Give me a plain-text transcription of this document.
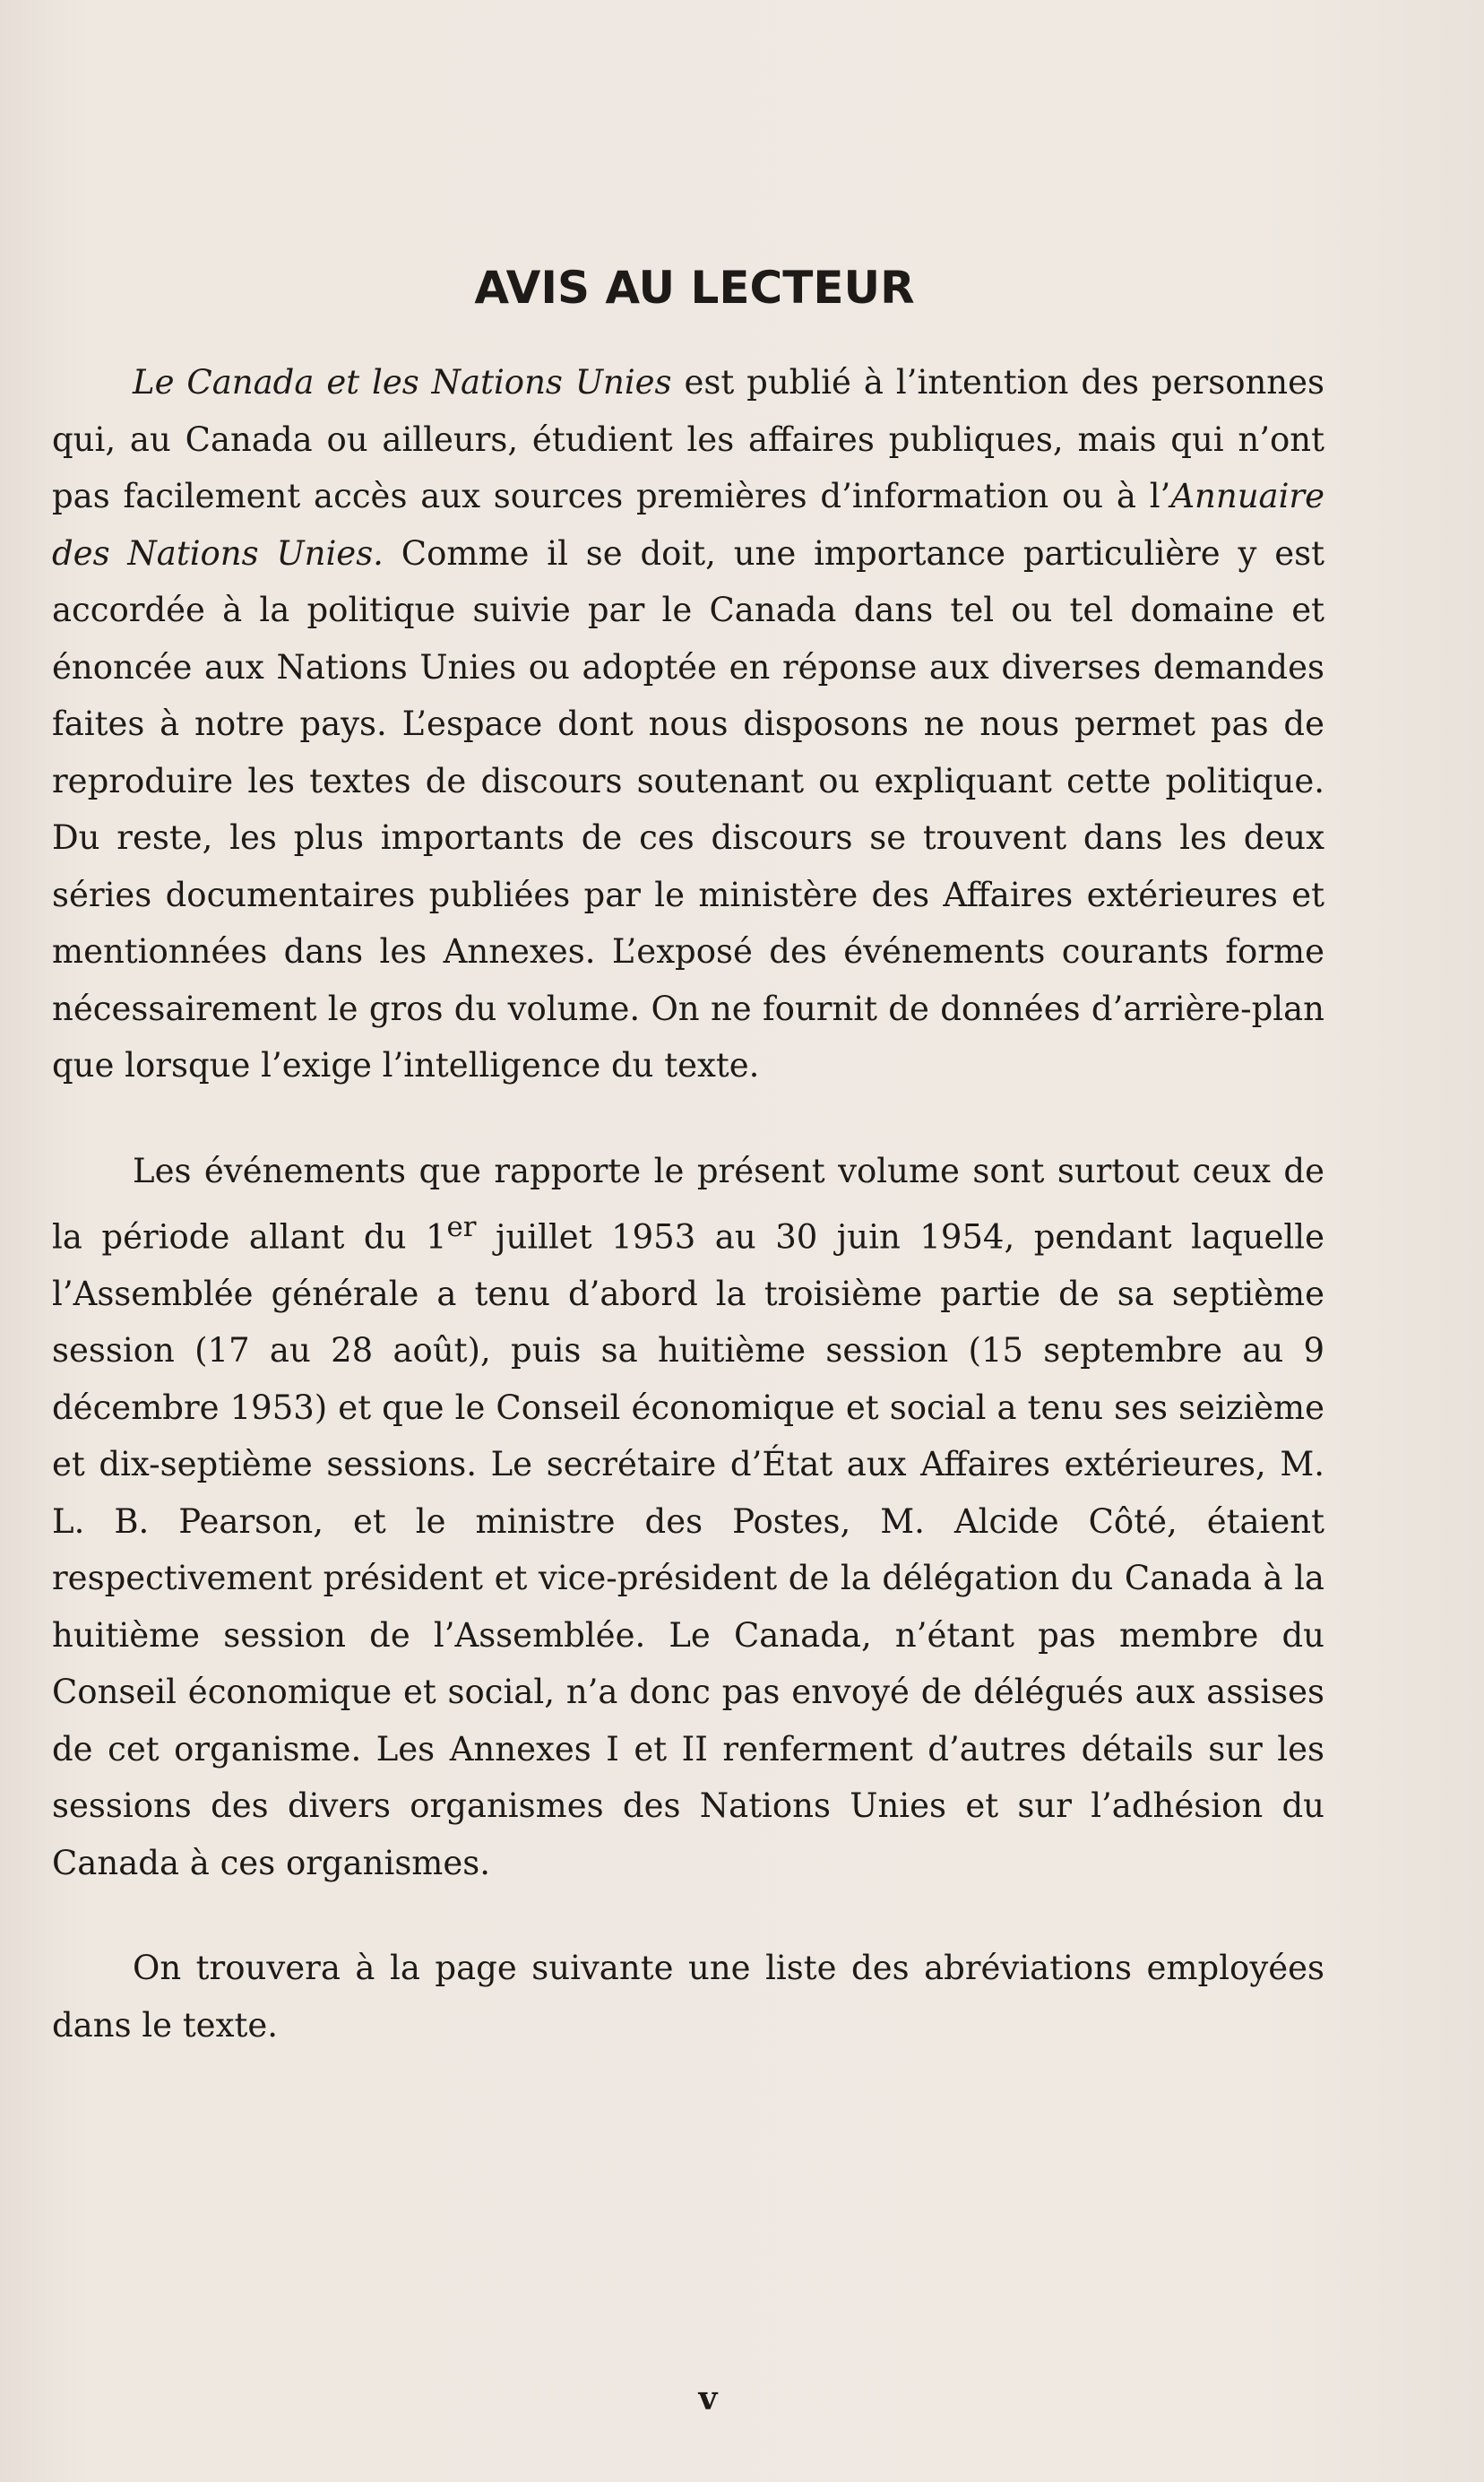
AVIS AU LECTEUR

Le Canada et les Nations Unies est publié à l’intention des personnes qui, au Canada ou ailleurs, étudient les affaires publiques, mais qui n’ont pas facilement accès aux sources premières d’information ou à l’Annuaire des Nations Unies. Comme il se doit, une importance particulière y est accordée à la politique suivie par le Canada dans tel ou tel domaine et énoncée aux Nations Unies ou adoptée en réponse aux diverses demandes faites à notre pays. L’espace dont nous disposons ne nous permet pas de reproduire les textes de discours soutenant ou expliquant cette politique. Du reste, les plus importants de ces discours se trouvent dans les deux séries documentaires publiées par le ministère des Affaires extérieures et mentionnées dans les Annexes. L’exposé des événements courants forme nécessairement le gros du volume. On ne fournit de données d’arrière-plan que lorsque l’exige l’intelligence du texte.

Les événements que rapporte le présent volume sont surtout ceux de la période allant du 1er juillet 1953 au 30 juin 1954, pendant laquelle l’Assemblée générale a tenu d’abord la troisième partie de sa septième session (17 au 28 août), puis sa huitième session (15 septembre au 9 décembre 1953) et que le Conseil économique et social a tenu ses seizième et dix-septième sessions. Le secrétaire d’État aux Affaires extérieures, M. L. B. Pearson, et le ministre des Postes, M. Alcide Côté, étaient respectivement président et vice-président de la délégation du Canada à la huitième session de l’Assemblée. Le Canada, n’étant pas membre du Conseil économique et social, n’a donc pas envoyé de délégués aux assises de cet organisme. Les Annexes I et II renferment d’autres détails sur les sessions des divers organismes des Nations Unies et sur l’adhésion du Canada à ces organismes.

On trouvera à la page suivante une liste des abréviations employées dans le texte.

v
